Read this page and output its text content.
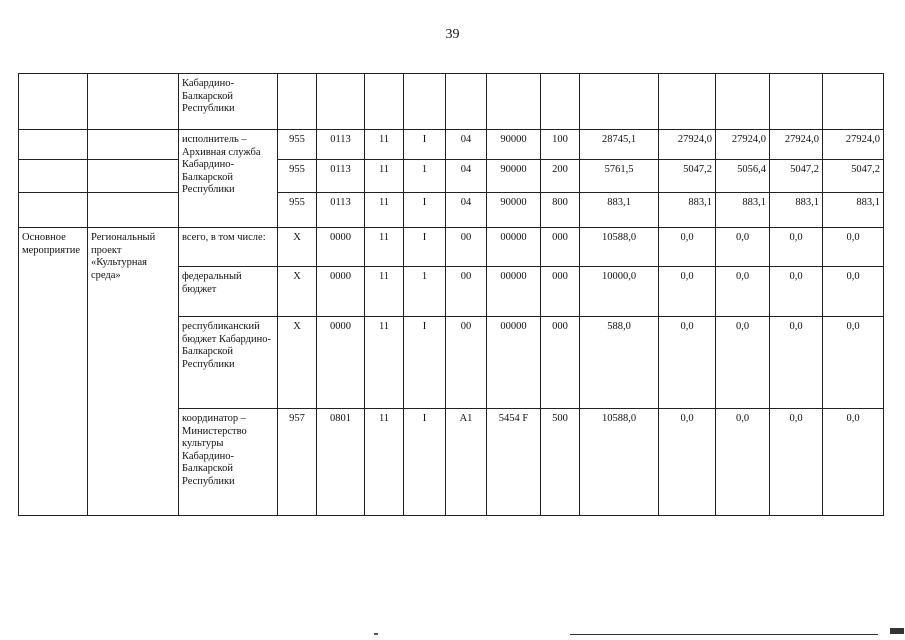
39
		Кабардино-Балкарской Республики												
		исполнитель – Архивная служба Кабардино-Балкарской Республики	955	0113	11	I	04	90000	100	28745,1	27924,0	27924,0	27924,0	27924,0
			955	0113	11	1	04	90000	200	5761,5	5047,2	5056,4	5047,2	5047,2
			955	0113	11	I	04	90000	800	883,1	883,1	883,1	883,1	883,1
Основное мероприятие	Региональный проект «Культурная среда»	всего, в том числе:	X	0000	11	I	00	00000	000	10588,0	0,0	0,0	0,0	0,0
		федеральный бюджет	X	0000	11	1	00	00000	000	10000,0	0,0	0,0	0,0	0,0
		республиканский бюджет Кабардино-Балкарской Республики	X	0000	11	I	00	00000	000	588,0	0,0	0,0	0,0	0,0
		координатор – Министерство культуры Кабардино-Балкарской Республики	957	0801	11	I	A1	5454 F	500	10588,0	0,0	0,0	0,0	0,0
